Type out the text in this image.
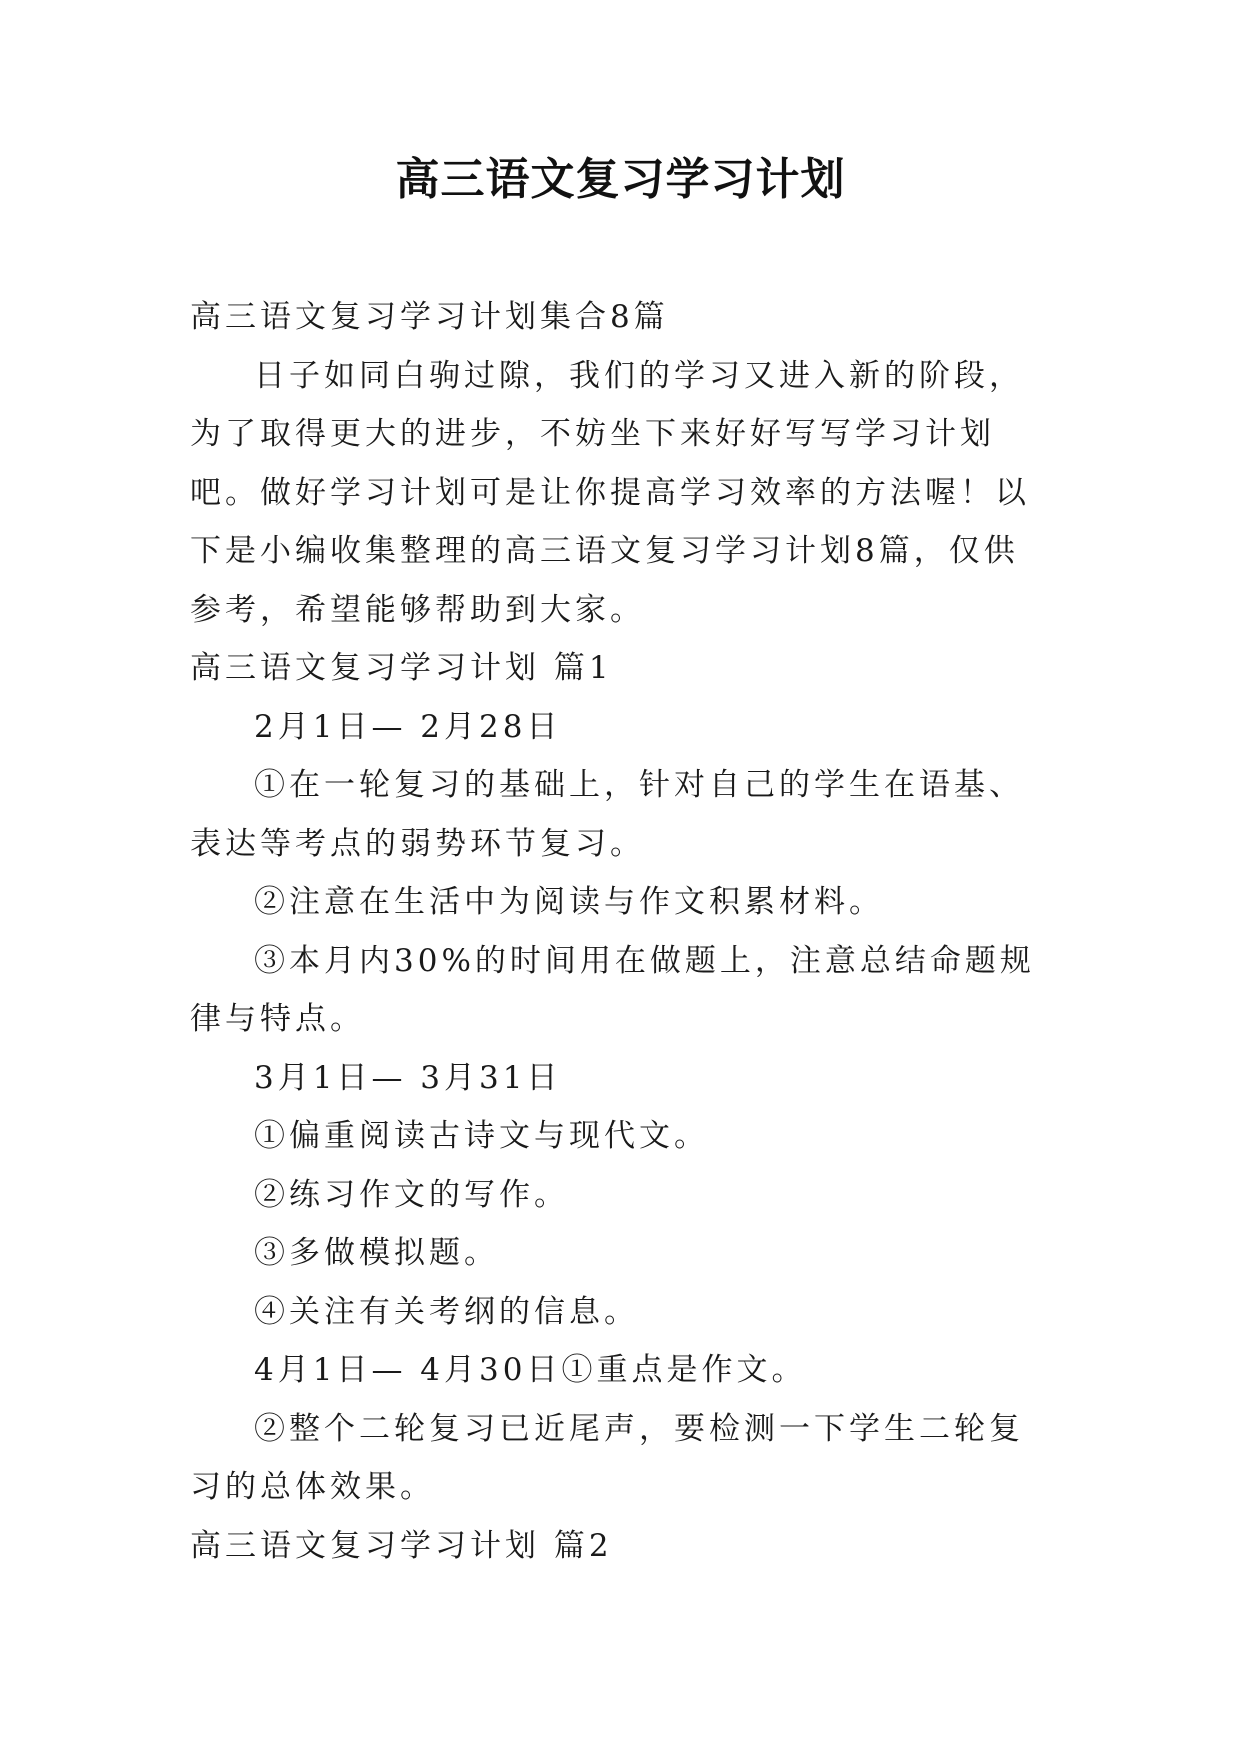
高三语文复习学习计划

高三语文复习学习计划集合8篇

日子如同白驹过隙，我们的学习又进入新的阶段，为了取得更大的进步，不妨坐下来好好写写学习计划吧。做好学习计划可是让你提高学习效率的方法喔！以下是小编收集整理的高三语文复习学习计划8篇，仅供参考，希望能够帮助到大家。

高三语文复习学习计划 篇1

2月1日— 2月28日

①在一轮复习的基础上，针对自己的学生在语基、表达等考点的弱势环节复习。

②注意在生活中为阅读与作文积累材料。

③本月内30%的时间用在做题上，注意总结命题规律与特点。

3月1日— 3月31日

①偏重阅读古诗文与现代文。

②练习作文的写作。

③多做模拟题。

④关注有关考纲的信息。

4月1日— 4月30日①重点是作文。

②整个二轮复习已近尾声，要检测一下学生二轮复习的总体效果。

高三语文复习学习计划 篇2
